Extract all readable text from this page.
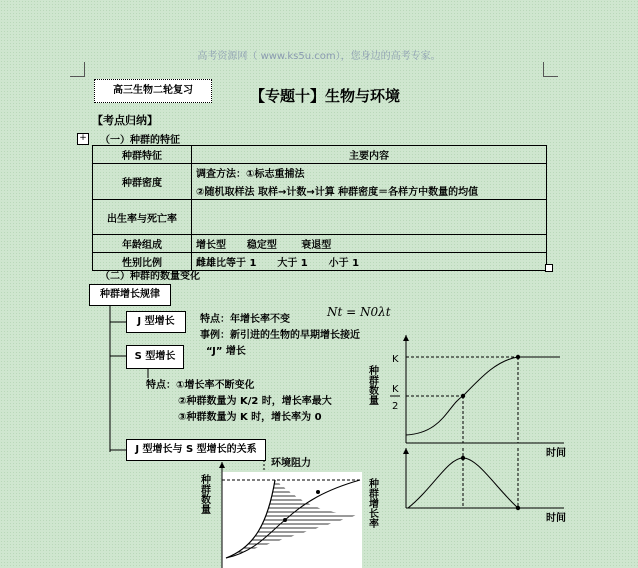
高考资源网（ www.ks5u.com），您身边的高考专家。
高三生物二轮复习	【专题十】生物与环境
【考点归纳】
+ （一）种群的特征
种群特征	主要内容
种群密度	调查方法：①标志重捕法
②随机取样法 取样→计数→计算 种群密度＝各样方中数量的均值

出生率与死亡率	
年龄组成	增长型      稳定型       衰退型
性别比例	雌雄比等于 1      大于 1      小于 1
（二）种群的数量变化
种群增长规律
J 型增长
S 型增长
J 型增长与 S 型增长的关系
特点：年增长率不变
事例：新引进的生物的早期增长接近
“J” 增长
特点：①增长率不断变化
②种群数量为 K/2 时，增长率最大
③种群数量为 K 时，增长率为 0
环境阻力
Nt = N0λt
种群数量
K
K
2
时间
种群增长率	时间
种群数量
